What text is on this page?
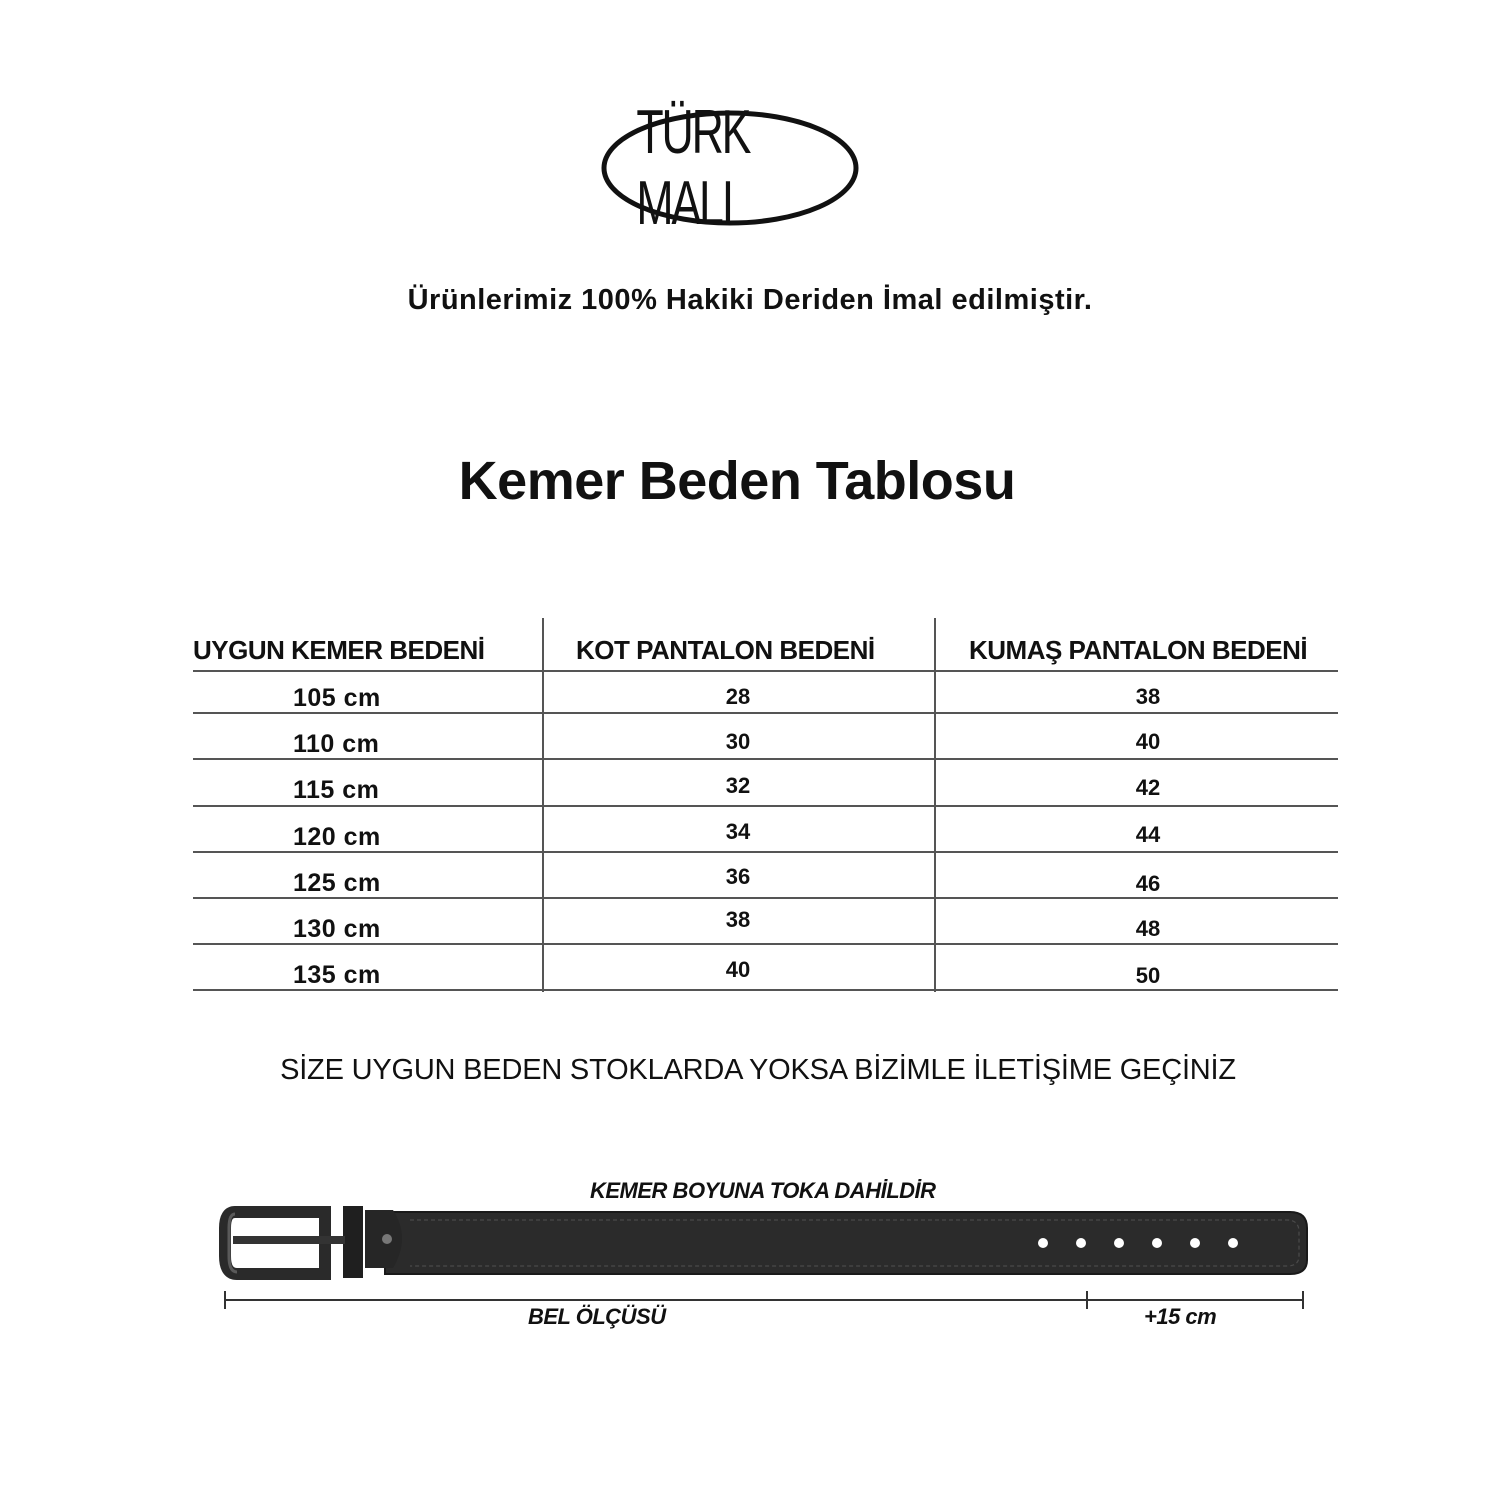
TÜRK MALI
Ürünlerimiz 100% Hakiki Deriden İmal edilmiştir.
Kemer Beden Tablosu
UYGUN KEMER BEDENİ	KOT PANTALON BEDENİ	KUMAŞ PANTALON BEDENİ
105 cm	28	38
110 cm	30	40
115 cm	32	42
120 cm	34	44
125 cm	36	46
130 cm	38	48
135 cm	40	50
SİZE UYGUN BEDEN STOKLARDA YOKSA BİZİMLE İLETİŞİME GEÇİNİZ
KEMER BOYUNA TOKA DAHİLDİR
BEL ÖLÇÜSÜ	+15 cm
